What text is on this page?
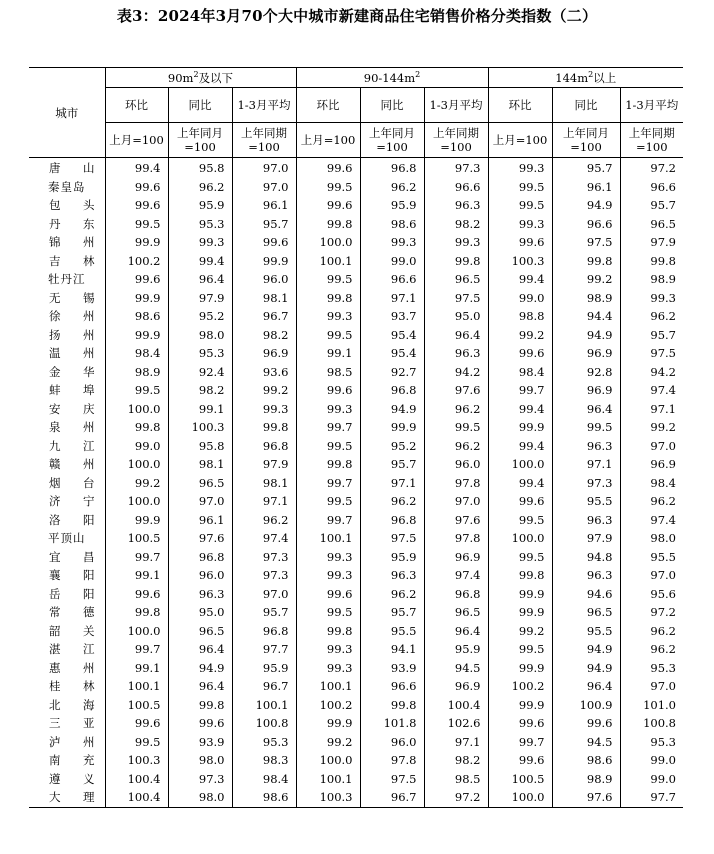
表3：2024年3月70个大中城市新建商品住宅销售价格分类指数（二）
城市	$90m^2$及以下			$90-144m^2$			$144m^2$以上		
	环比	同比	1-3月平均	环比	同比	1-3月平均	环比	同比	1-3月平均
	上月=100	上年同月=100	上年同期=100	上月=100	上年同月=100	上年同期=100	上月=100	上年同月=100	上年同期=100

唐 山	99.4	95.8	97.0	99.6	96.8	97.3	99.3	95.7	97.2

秦皇岛	99.6	96.2	97.0	99.5	96.2	96.6	99.5	96.1	96.6

包 头	99.6	95.9	96.1	99.6	95.9	96.3	99.5	94.9	95.7

丹 东	99.5	95.3	95.7	99.8	98.6	98.2	99.3	96.6	96.5

锦 州	99.9	99.3	99.6	100.0	99.3	99.3	99.6	97.5	97.9

吉 林	100.2	99.4	99.9	100.1	99.0	99.8	100.3	99.8	99.8

牡丹江	99.6	96.4	96.0	99.5	96.6	96.5	99.4	99.2	98.9

无 锡	99.9	97.9	98.1	99.8	97.1	97.5	99.0	98.9	99.3

徐 州	98.6	95.2	96.7	99.3	93.7	95.0	98.8	94.4	96.2

扬 州	99.9	98.0	98.2	99.5	95.4	96.4	99.2	94.9	95.7

温 州	98.4	95.3	96.9	99.1	95.4	96.3	99.6	96.9	97.5

金 华	98.9	92.4	93.6	98.5	92.7	94.2	98.4	92.8	94.2

蚌 埠	99.5	98.2	99.2	99.6	96.8	97.6	99.7	96.9	97.4

安 庆	100.0	99.1	99.3	99.3	94.9	96.2	99.4	96.4	97.1

泉 州	99.8	100.3	99.8	99.7	99.9	99.5	99.9	99.5	99.2

九 江	99.0	95.8	96.8	99.5	95.2	96.2	99.4	96.3	97.0

赣 州	100.0	98.1	97.9	99.8	95.7	96.0	100.0	97.1	96.9

烟 台	99.2	96.5	98.1	99.7	97.1	97.8	99.4	97.3	98.4

济 宁	100.0	97.0	97.1	99.5	96.2	97.0	99.6	95.5	96.2

洛 阳	99.9	96.1	96.2	99.7	96.8	97.6	99.5	96.3	97.4

平顶山	100.5	97.6	97.4	100.1	97.5	97.8	100.0	97.9	98.0

宜 昌	99.7	96.8	97.3	99.3	95.9	96.9	99.5	94.8	95.5

襄 阳	99.1	96.0	97.3	99.3	96.3	97.4	99.8	96.3	97.0

岳 阳	99.6	96.3	97.0	99.6	96.2	96.8	99.9	94.6	95.6

常 德	99.8	95.0	95.7	99.5	95.7	96.5	99.9	96.5	97.2

韶 关	100.0	96.5	96.8	99.8	95.5	96.4	99.2	95.5	96.2

湛 江	99.7	96.4	97.7	99.3	94.1	95.9	99.5	94.9	96.2

惠 州	99.1	94.9	95.9	99.3	93.9	94.5	99.9	94.9	95.3

桂 林	100.1	96.4	96.7	100.1	96.6	96.9	100.2	96.4	97.0

北 海	100.5	99.8	100.1	100.2	99.8	100.4	99.9	100.9	101.0

三 亚	99.6	99.6	100.8	99.9	101.8	102.6	99.6	99.6	100.8

泸 州	99.5	93.9	95.3	99.2	96.0	97.1	99.7	94.5	95.3

南 充	100.3	98.0	98.3	100.0	97.8	98.2	99.6	98.6	99.0

遵 义	100.4	97.3	98.4	100.1	97.5	98.5	100.5	98.9	99.0

大 理	100.4	98.0	98.6	100.3	96.7	97.2	100.0	97.6	97.7
